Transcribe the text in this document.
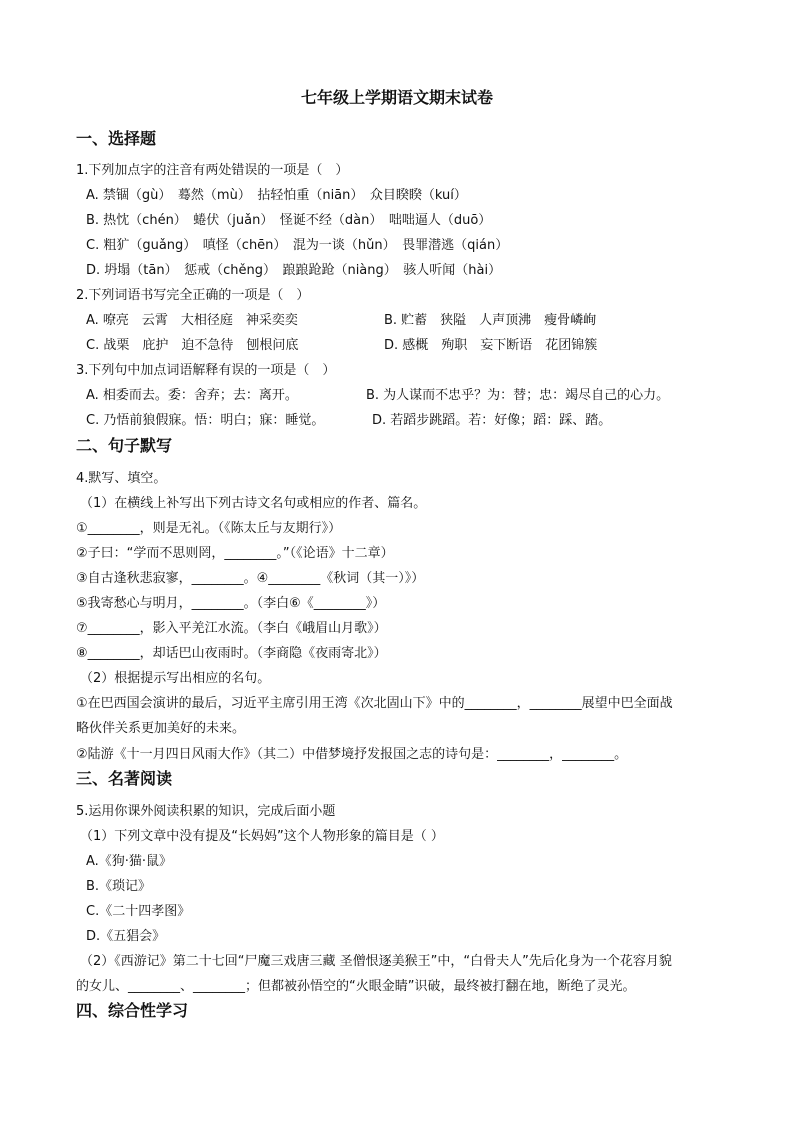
七年级上学期语文期末试卷
一、选择题
1.下列加点字的注音有两处错误的一项是（　）
A. 禁锢（gù）　蓦然（mù）　拈轻怕重（niān）　众目睽睽（kuí）
B. 热忱（chén）　蜷伏（juǎn）　怪诞不经（dàn）　咄咄逼人（duō）
C. 粗犷（guǎng）　嗔怪（chēn）　混为一谈（hǔn）　畏罪潜逃（qián）
D. 坍塌（tān）　惩戒（chěng）　踉踉跄跄（niàng）　骇人听闻（hài）
2.下列词语书写完全正确的一项是（　）
A. 嘹亮　云霄　大相径庭　神采奕奕	B. 贮蓄　狭隘　人声顶沸　瘦骨嶙峋
C. 战栗　庇护　迫不急待　刨根问底	D. 感概　殉职　妄下断语　花团锦簇
3.下列句中加点词语解释有误的一项是（　）
A. 相委而去。委：舍弃；去：离开。	B. 为人谋而不忠乎？为：替；忠：竭尽自己的心力。
C. 乃悟前狼假寐。悟：明白；寐：睡觉。	D. 若蹈步跳蹈。若：好像；蹈：踩、踏。
二、句子默写
4.默写、填空。
（1）在横线上补写出下列古诗文名句或相应的作者、篇名。
①________，则是无礼。（《陈太丘与友期行》）
②子曰：“学而不思则罔，________。”（《论语》十二章）
③自古逢秋悲寂寥，________。④________《秋词（其一）》）
⑤我寄愁心与明月，________。（李白⑥《________》）
⑦________，影入平羌江水流。（李白《峨眉山月歌》）
⑧________，却话巴山夜雨时。（李商隐《夜雨寄北》）
（2）根据提示写出相应的名句。
①在巴西国会演讲的最后，习近平主席引用王湾《次北固山下》中的________，________展望中巴全面战
略伙伴关系更加美好的未来。
②陆游《十一月四日风雨大作》（其二）中借梦境抒发报国之志的诗句是：________，________。
三、名著阅读
5.运用你课外阅读积累的知识，完成后面小题
（1）下列文章中没有提及“长妈妈”这个人物形象的篇目是（ ）
A.《狗·猫·鼠》
B.《琐记》
C.《二十四孝图》
D.《五猖会》
（2）《西游记》第二十七回“尸魔三戏唐三藏 圣僧恨逐美猴王”中，“白骨夫人”先后化身为一个花容月貌
的女儿、________、________；但都被孙悟空的“火眼金睛”识破，最终被打翻在地，断绝了灵光。
四、综合性学习
